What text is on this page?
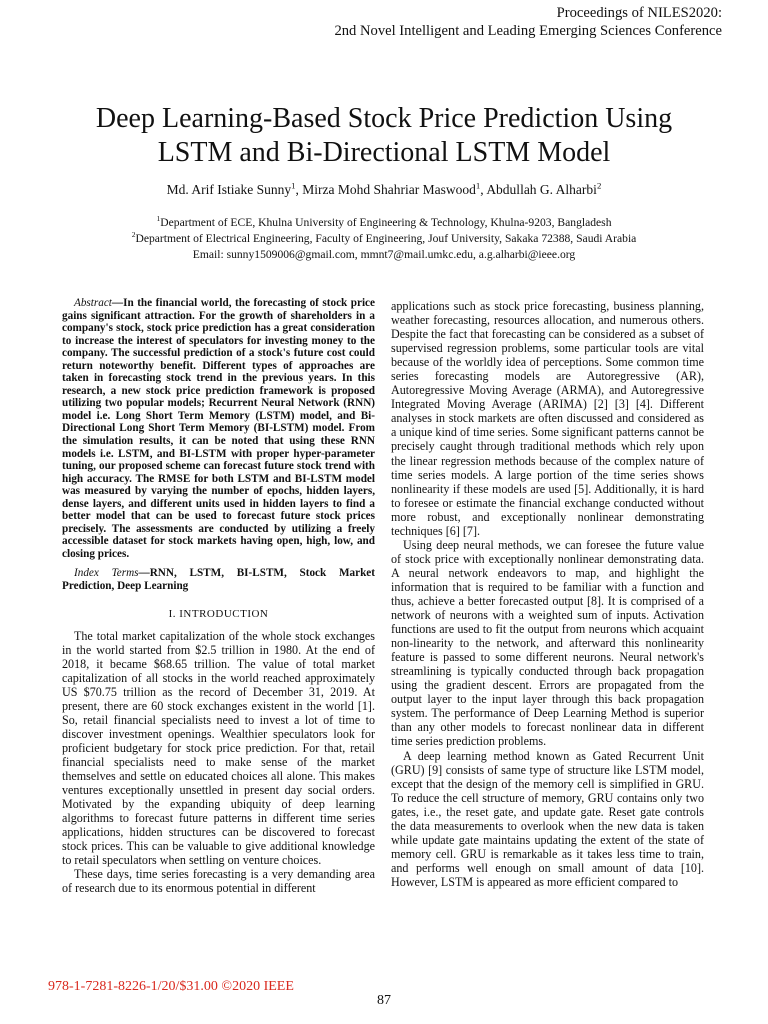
Proceedings of NILES2020:
2nd Novel Intelligent and Leading Emerging Sciences Conference
Deep Learning-Based Stock Price Prediction Using
LSTM and Bi-Directional LSTM Model
Md. Arif Istiake Sunny$^1$, Mirza Mohd Shahriar Maswood$^1$, Abdullah G. Alharbi$^2$
$^1$Department of ECE, Khulna University of Engineering & Technology, Khulna-9203, Bangladesh
$^2$Department of Electrical Engineering, Faculty of Engineering, Jouf University, Sakaka 72388, Saudi Arabia
Email: sunny1509006@gmail.com, mmnt7@mail.umkc.edu, a.g.alharbi@ieee.org

Abstract—In the financial world, the forecasting of stock price gains significant attraction. For the growth of shareholders in a company's stock, stock price prediction has a great consideration to increase the interest of speculators for investing money to the company. The successful prediction of a stock's future cost could return noteworthy benefit. Different types of approaches are taken in forecasting stock trend in the previous years. In this research, a new stock price prediction framework is proposed utilizing two popular models; Recurrent Neural Network (RNN) model i.e. Long Short Term Memory (LSTM) model, and Bi-Directional Long Short Term Memory (BI-LSTM) model. From the simulation results, it can be noted that using these RNN models i.e. LSTM, and BI-LSTM with proper hyper-parameter tuning, our proposed scheme can forecast future stock trend with high accuracy. The RMSE for both LSTM and BI-LSTM model was measured by varying the number of epochs, hidden layers, dense layers, and different units used in hidden layers to find a better model that can be used to forecast future stock prices precisely. The assessments are conducted by utilizing a freely accessible dataset for stock markets having open, high, low, and closing prices.

Index Terms—RNN, LSTM, BI-LSTM, Stock Market Prediction, Deep Learning

I. INTRODUCTION

The total market capitalization of the whole stock exchanges in the world started from $2.5 trillion in 1980. At the end of 2018, it became $68.65 trillion. The value of total market capitalization of all stocks in the world reached approximately US $70.75 trillion as the record of December 31, 2019. At present, there are 60 stock exchanges existent in the world [1]. So, retail financial specialists need to invest a lot of time to discover investment openings. Wealthier speculators look for proficient budgetary for stock price prediction. For that, retail financial specialists need to make sense of the market themselves and settle on educated choices all alone. This makes ventures exceptionally unsettled in present day social orders. Motivated by the expanding ubiquity of deep learning algorithms to forecast future patterns in different time series applications, hidden structures can be discovered to forecast stock prices. This can be valuable to give additional knowledge to retail speculators when settling on venture choices.

These days, time series forecasting is a very demanding area of research due to its enormous potential in different

applications such as stock price forecasting, business planning, weather forecasting, resources allocation, and numerous others. Despite the fact that forecasting can be considered as a subset of supervised regression problems, some particular tools are vital because of the worldly idea of perceptions. Some common time series forecasting models are Autoregressive (AR), Autoregressive Moving Average (ARMA), and Autoregressive Integrated Moving Average (ARIMA) [2] [3] [4]. Different analyses in stock markets are often discussed and considered as a unique kind of time series. Some significant patterns cannot be precisely caught through traditional methods which rely upon the linear regression methods because of the complex nature of time series models. A large portion of the time series shows nonlinearity if these models are used [5]. Additionally, it is hard to foresee or estimate the financial exchange conducted without more robust, and exceptionally nonlinear demonstrating techniques [6] [7].

Using deep neural methods, we can foresee the future value of stock price with exceptionally nonlinear demonstrating data. A neural network endeavors to map, and highlight the information that is required to be familiar with a function and thus, achieve a better forecasted output [8]. It is comprised of a network of neurons with a weighted sum of inputs. Activation functions are used to fit the output from neurons which acquaint non-linearity to the network, and afterward this nonlinearity feature is passed to some different neurons. Neural network's streamlining is typically conducted through back propagation using the gradient descent. Errors are propagated from the output layer to the input layer through this back propagation system. The performance of Deep Learning Method is superior than any other models to forecast nonlinear data in different time series prediction problems.

A deep learning method known as Gated Recurrent Unit (GRU) [9] consists of same type of structure like LSTM model, except that the design of the memory cell is simplified in GRU. To reduce the cell structure of memory, GRU contains only two gates, i.e., the reset gate, and update gate. Reset gate controls the data measurements to overlook when the new data is taken while update gate maintains updating the extent of the state of memory cell. GRU is remarkable as it takes less time to train, and performs well enough on small amount of data [10]. However, LSTM is appeared as more efficient compared to

978-1-7281-8226-1/20/$31.00 ©2020 IEEE
87
